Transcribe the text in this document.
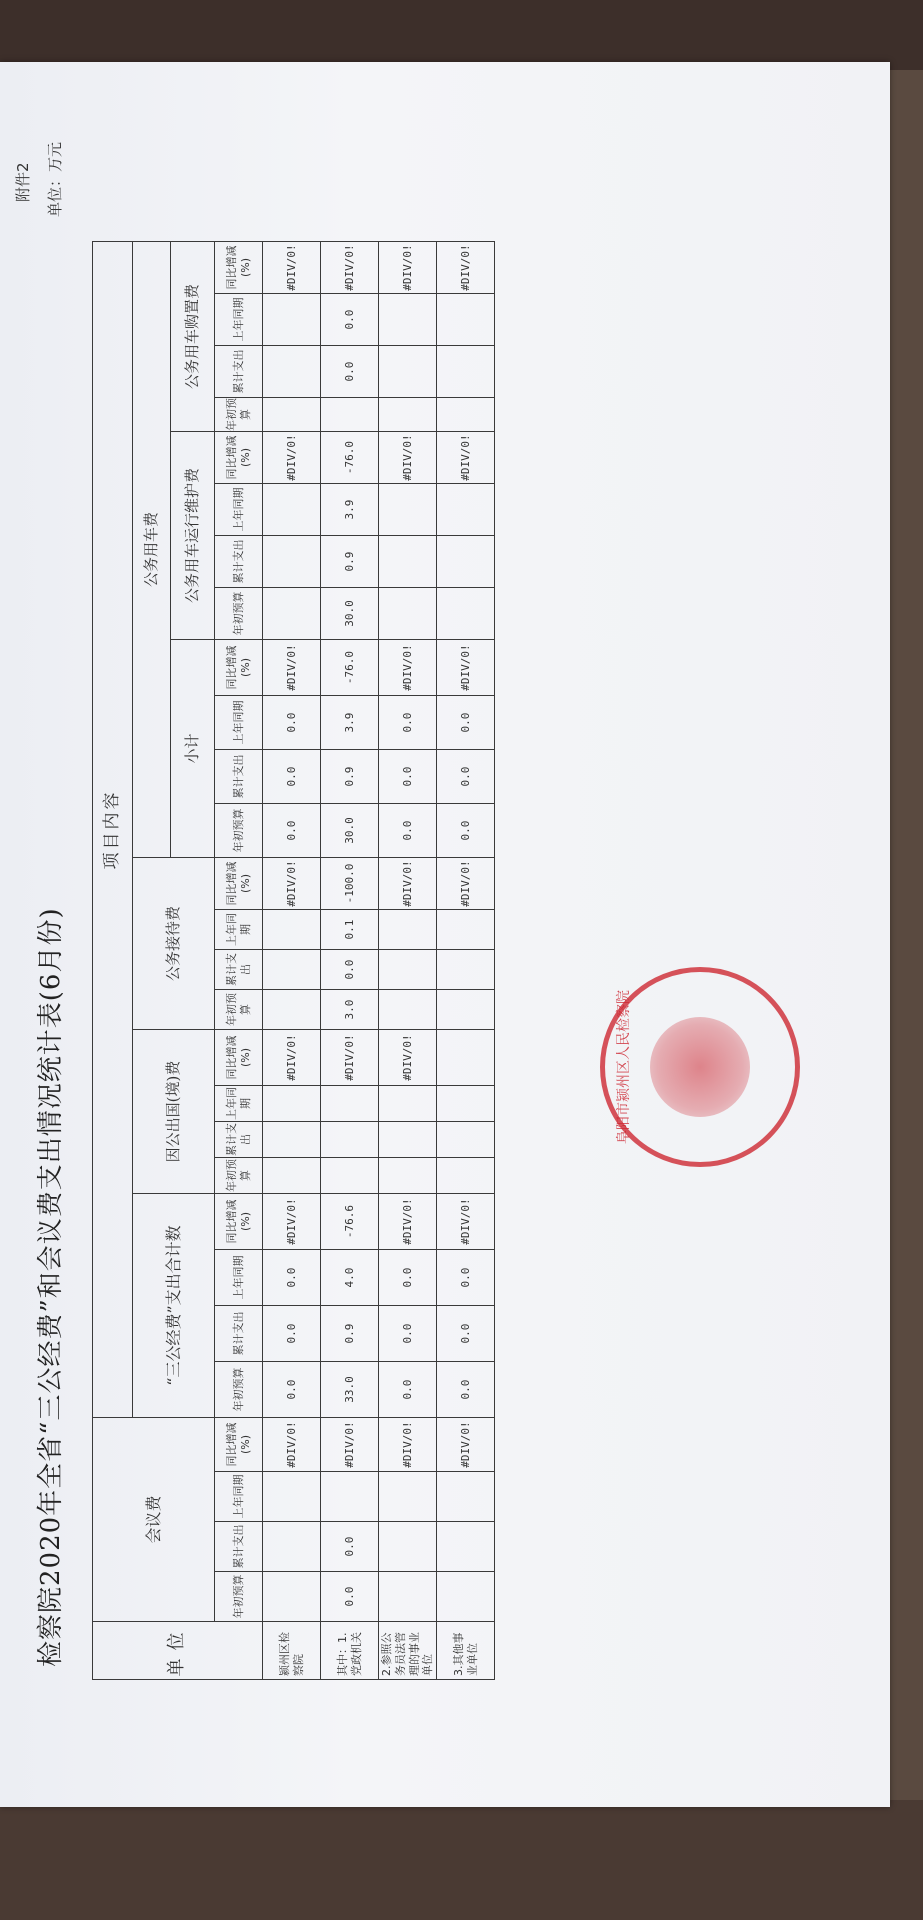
附件2
检察院2020年全省“三公经费”和会议费支出情况统计表(6月份)
单位：万元
单位	会议费				项目内容																							
					“三公经费”支出合计数				因公出国(境)费				公务接待费				公务用车费											
																	小计				公务用车运行维护费				公务用车购置费			
	年初预算	累计支出	上年同期	同比增减(%)	年初预算	累计支出	上年同期	同比增减(%)	年初预算	累计支出	上年同期	同比增减(%)	年初预算	累计支出	上年同期	同比增减(%)	年初预算	累计支出	上年同期	同比增减(%)	年初预算	累计支出	上年同期	同比增减(%)	年初预算	累计支出	上年同期	同比增减(%)
颍州区检察院				#DIV/0!	0.0	0.0	0.0	#DIV/0!				#DIV/0!				#DIV/0!	0.0	0.0	0.0	#DIV/0!				#DIV/0!				#DIV/0!
其中：1.党政机关	0.0	0.0		#DIV/0!	33.0	0.9	4.0	-76.6				#DIV/0!	3.0	0.0	0.1	-100.0	30.0	0.9	3.9	-76.0	30.0	0.9	3.9	-76.0		0.0	0.0	#DIV/0!
2.参照公务员法管理的事业单位				#DIV/0!	0.0	0.0	0.0	#DIV/0!				#DIV/0!				#DIV/0!	0.0	0.0	0.0	#DIV/0!				#DIV/0!				#DIV/0!
3.其他事业单位				#DIV/0!	0.0	0.0	0.0	#DIV/0!								#DIV/0!	0.0	0.0	0.0	#DIV/0!				#DIV/0!				#DIV/0!
阜阳市颍州区人民检察院
